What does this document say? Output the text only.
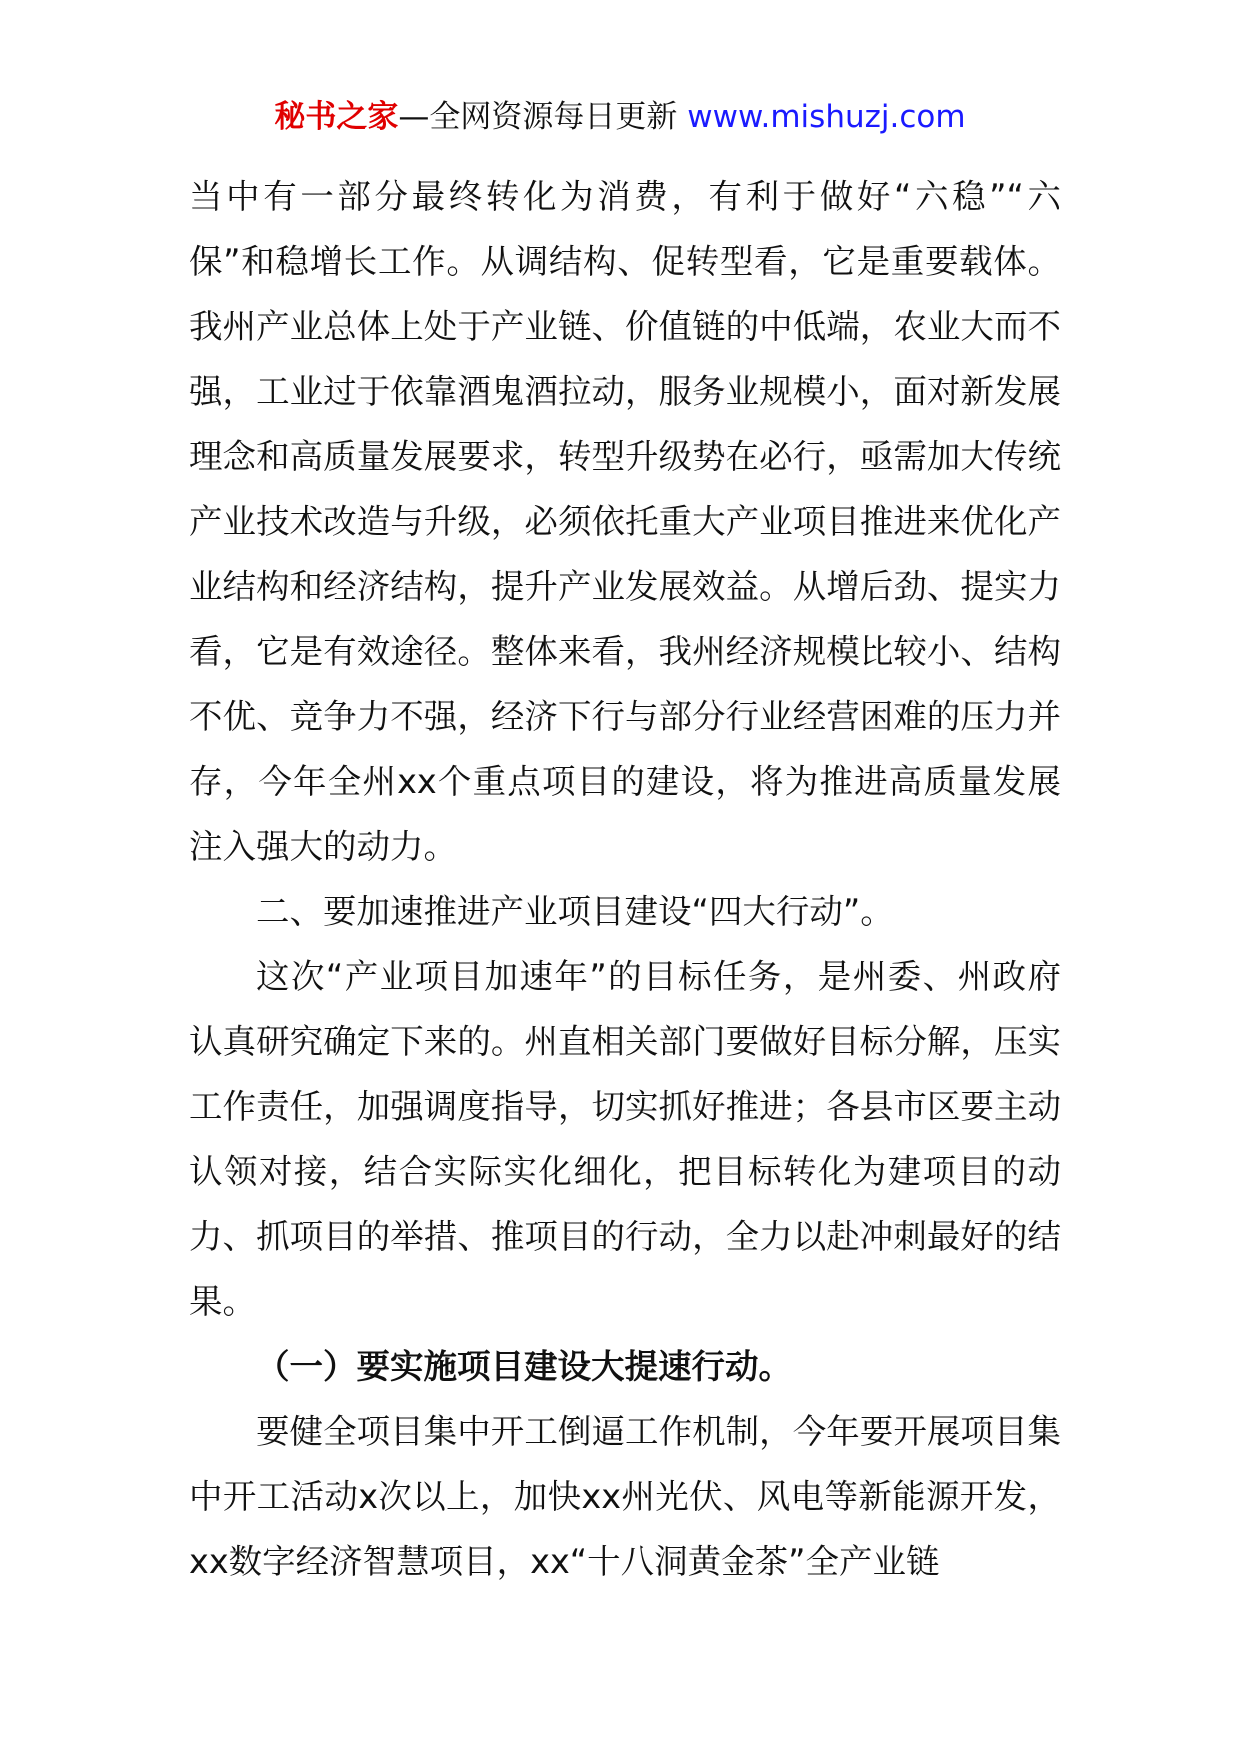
秘书之家—全网资源每日更新 www.mishuzj.com

当中有一部分最终转化为消费，有利于做好“六稳”“六保”和稳增长工作。从调结构、促转型看，它是重要载体。我州产业总体上处于产业链、价值链的中低端，农业大而不强，工业过于依靠酒鬼酒拉动，服务业规模小，面对新发展理念和高质量发展要求，转型升级势在必行，亟需加大传统产业技术改造与升级，必须依托重大产业项目推进来优化产业结构和经济结构，提升产业发展效益。从增后劲、提实力看，它是有效途径。整体来看，我州经济规模比较小、结构不优、竞争力不强，经济下行与部分行业经营困难的压力并存，今年全州xx个重点项目的建设，将为推进高质量发展注入强大的动力。

二、要加速推进产业项目建设“四大行动”。

这次“产业项目加速年”的目标任务，是州委、州政府认真研究确定下来的。州直相关部门要做好目标分解，压实工作责任，加强调度指导，切实抓好推进；各县市区要主动认领对接，结合实际实化细化，把目标转化为建项目的动力、抓项目的举措、推项目的行动，全力以赴冲刺最好的结果。

（一）要实施项目建设大提速行动。

要健全项目集中开工倒逼工作机制，今年要开展项目集中开工活动x次以上，加快xx州光伏、风电等新能源开发，xx数字经济智慧项目，xx“十八洞黄金茶”全产业链
